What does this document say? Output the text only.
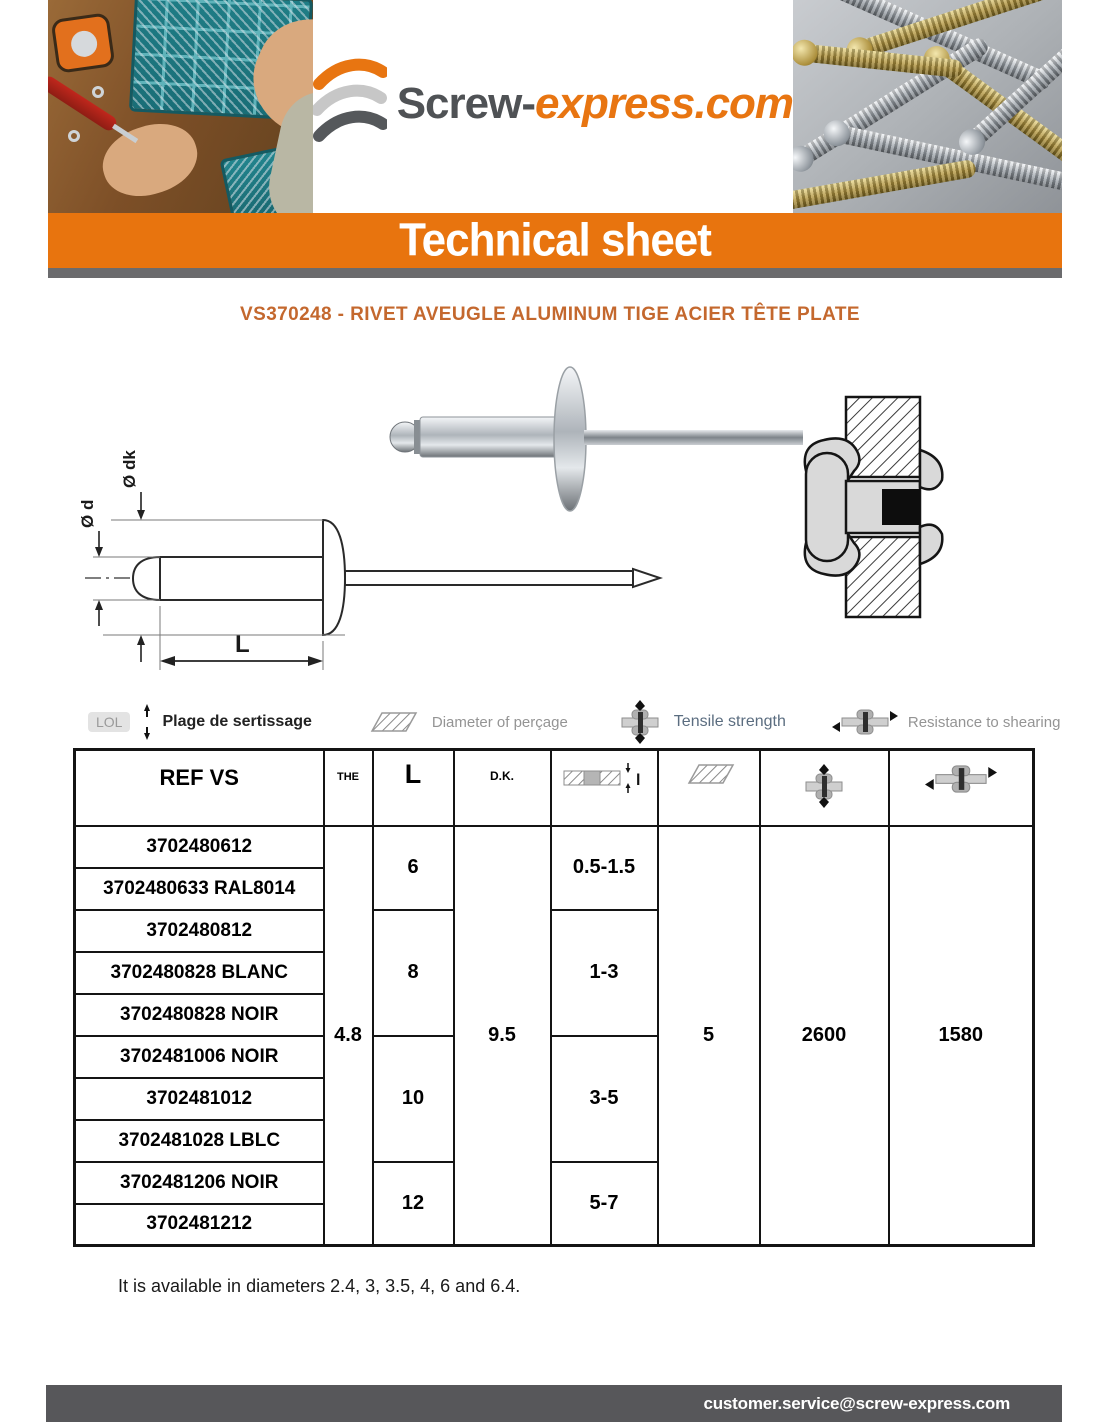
Screw-express.com
Technical sheet
VS370248 - RIVET AVEUGLE ALUMINUM TIGE ACIER TÊTE PLATE
Ø d
Ø dk
L
LOL	Plage de sertissage	Diameter of perçage	Tensile strength	Resistance to shearing
REF VS	THE	L	D.K.	l

3702480612	4.8	6	9.5	0.5-1.5	5	2600	1580
3702480633 RAL8014							
3702480812		8		1-3			
3702480828 BLANC							
3702480828 NOIR							
3702481006 NOIR		10		3-5			
3702481012							
3702481028 LBLC							
3702481206 NOIR		12		5-7			
3702481212							
It is available in diameters 2.4, 3, 3.5, 4, 6 and 6.4.
customer.service@screw-express.com
